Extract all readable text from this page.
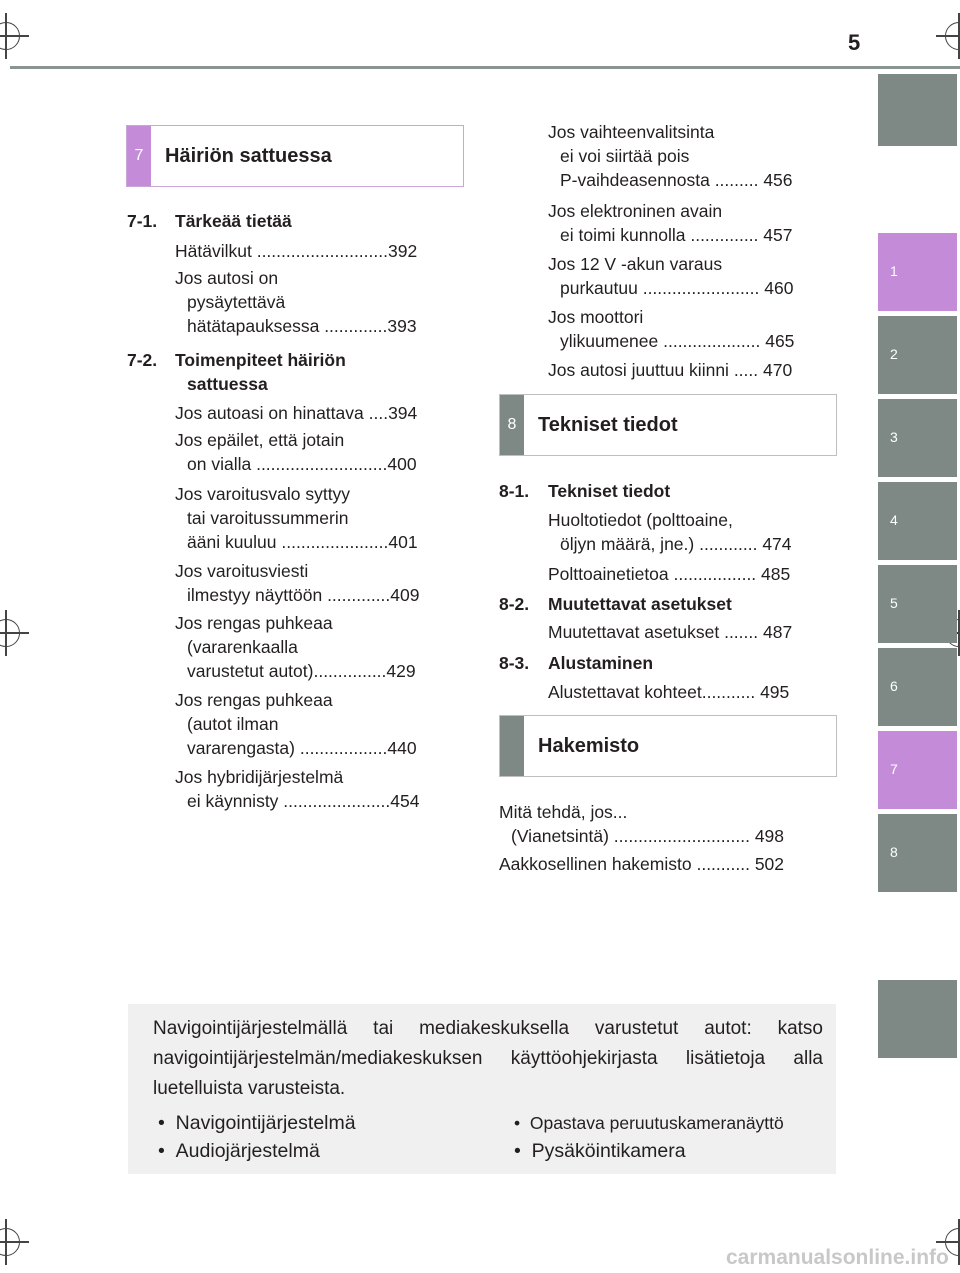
5
1
2
3
4
5
6
7
8
7	Häiriön sattuessa
7-1. Tärkeää tietää
Hätävilkut ...........................392
Jos autosi on
pysäytettävä
hätätapauksessa .............393
7-2. Toimenpiteet häiriön
sattuessa
Jos autoasi on hinattava ....394
Jos epäilet, että jotain
on vialla ...........................400
Jos varoitusvalo syttyy
tai varoitussummerin
ääni kuuluu ......................401
Jos varoitusviesti
ilmestyy näyttöön .............409
Jos rengas puhkeaa
(vararenkaalla
varustetut autot)...............429
Jos rengas puhkeaa
(autot ilman
vararengasta) ..................440
Jos hybridijärjestelmä
ei käynnisty ......................454
Jos vaihteenvalitsinta
ei voi siirtää pois
P-vaihdeasennosta ......... 456
Jos elektroninen avain
ei toimi kunnolla .............. 457
Jos 12 V -akun varaus
purkautuu ........................ 460
Jos moottori
ylikuumenee .................... 465
Jos autosi juuttuu kiinni ..... 470
8	Tekniset tiedot
8-1. Tekniset tiedot
Huoltotiedot (polttoaine,
öljyn määrä, jne.) ............ 474
Polttoainetietoa ................. 485
8-2. Muutettavat asetukset
Muutettavat asetukset ....... 487
8-3. Alustaminen
Alustettavat kohteet........... 495
Hakemisto
Mitä tehdä, jos...
(Vianetsintä) ............................ 498
Aakkosellinen hakemisto ........... 502
Navigointijärjestelmällä tai mediakeskuksella varustetut autot: katso navigointijärjestelmän/mediakeskuksen käyttöohjekirjasta lisätietoja alla luetelluista varusteista.
•  Navigointijärjestelmä
•  Audiojärjestelmä
•  Opastava peruutuskameranäyttö
•  Pysäköintikamera
carmanualsonline.info
